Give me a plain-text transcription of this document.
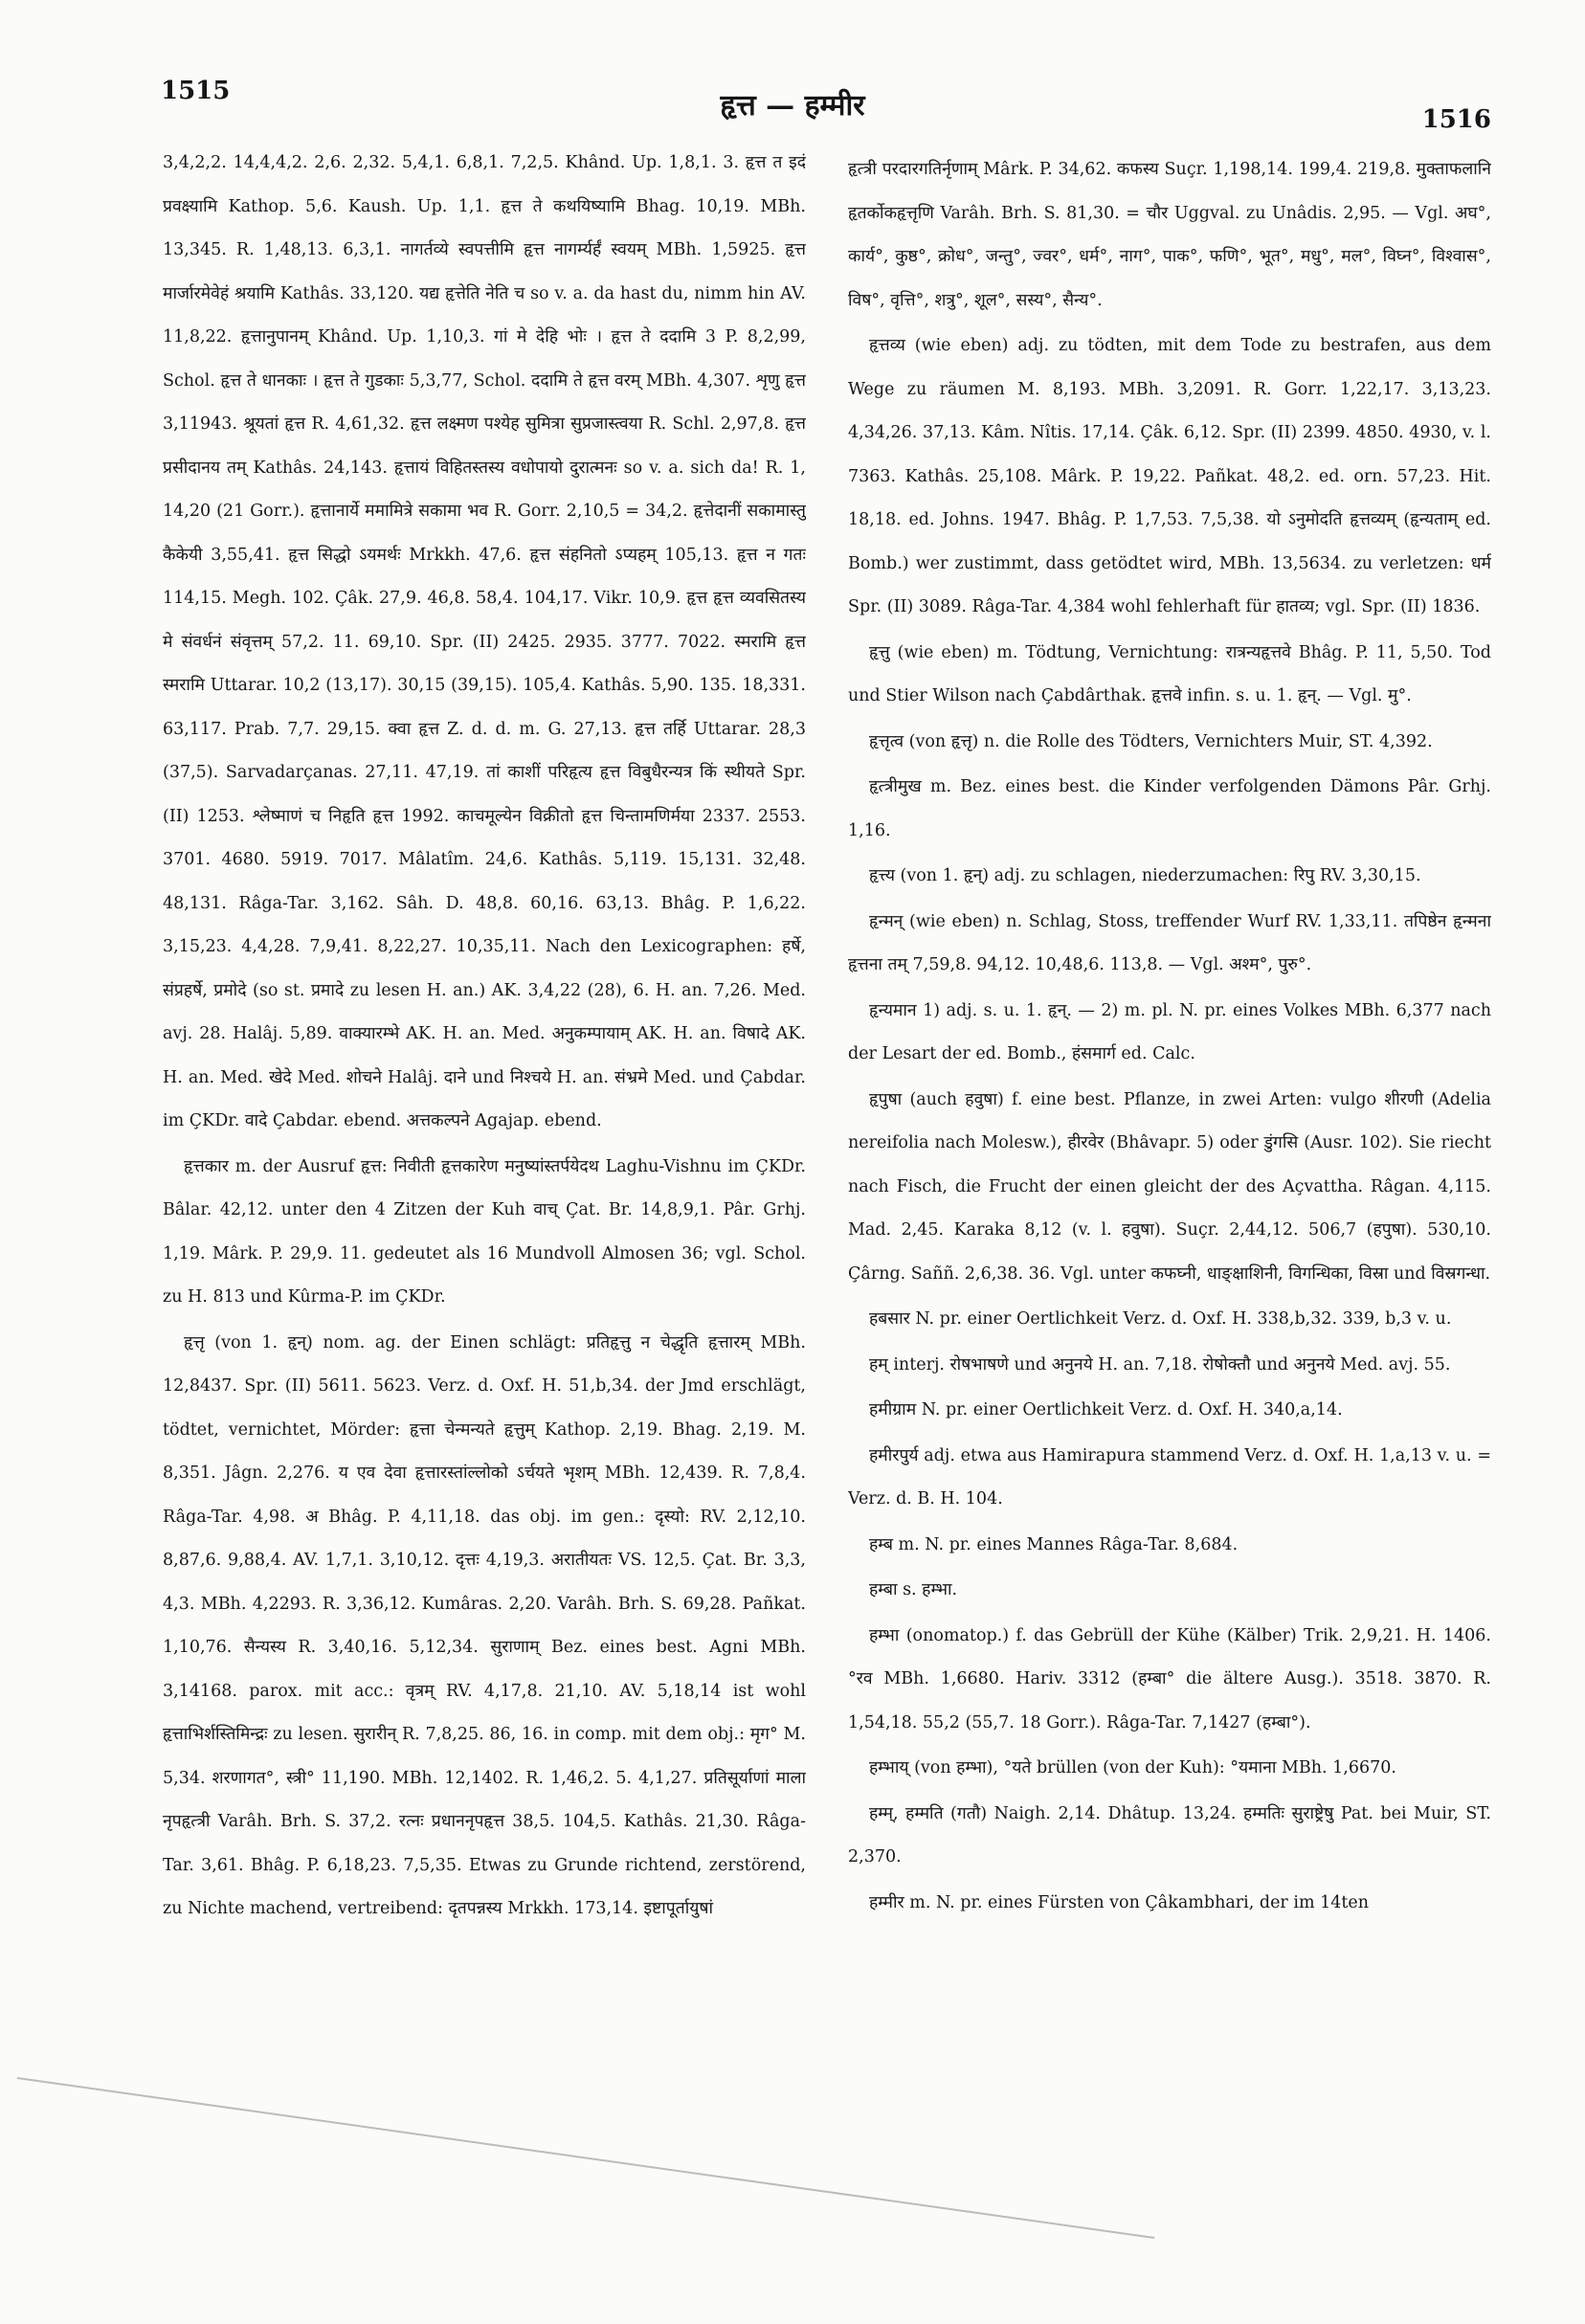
1515	हृत्त — हम्मीर	1516

3,4,2,2. 14,4,4,2. 2,6. 2,32. 5,4,1. 6,8,1. 7,2,5. Khând. Up. 1,8,1. 3. हृत्त त इदं प्रवक्ष्यामि Kathop. 5,6. Kaush. Up. 1,1. हृत्त ते कथयिष्यामि Bhag. 10,19. MBh. 13,345. R. 1,48,13. 6,3,1. नागर्तव्ये स्वपत्तीमि हृत्त नागर्म्यर्हं स्वयम् MBh. 1,5925. हृत्त मार्जारमेवेहं श्रयामि Kathâs. 33,120. यद्य हृत्तेति नेति च so v. a. da hast du, nimm hin AV. 11,8,22. हृत्तानुपानम् Khând. Up. 1,10,3. गां मे देहि भोः । हृत्त ते ददामि 3 P. 8,2,99, Schol. हृत्त ते धानकाः । हृत्त ते गुडकाः 5,3,77, Schol. ददामि ते हृत्त वरम् MBh. 4,307. शृणु हृत्त 3,11943. श्रूयतां हृत्त R. 4,61,32. हृत्त लक्ष्मण पश्येह सुमित्रा सुप्रजास्त्वया R. Schl. 2,97,8. हृत्त प्रसीदानय तम् Kathâs. 24,143. हृत्तायं विहितस्तस्य वधोपायो दुरात्मनः so v. a. sich da! R. 1, 14,20 (21 Gorr.). हृत्तानार्ये ममामित्रे सकामा भव R. Gorr. 2,10,5 = 34,2. हृत्तेदानीं सकामास्तु कैकेयी 3,55,41. हृत्त सिद्धो ऽयमर्थः Mrkkh. 47,6. हृत्त संहनितो ऽप्यहम् 105,13. हृत्त न गतः 114,15. Megh. 102. Çâk. 27,9. 46,8. 58,4. 104,17. Vikr. 10,9. हृत्त हृत्त व्यवसितस्य मे संवर्धनं संवृत्तम् 57,2. 11. 69,10. Spr. (II) 2425. 2935. 3777. 7022. स्मरामि हृत्त स्मरामि Uttarar. 10,2 (13,17). 30,15 (39,15). 105,4. Kathâs. 5,90. 135. 18,331. 63,117. Prab. 7,7. 29,15. क्वा हृत्त Z. d. d. m. G. 27,13. हृत्त तर्हि Uttarar. 28,3 (37,5). Sarvadarçanas. 27,11. 47,19. तां काशीं परिहृत्य हृत्त विबुधैरन्यत्र किं स्थीयते Spr. (II) 1253. श्लेष्माणं च निहृति हृत्त 1992. काचमूल्येन विक्रीतो हृत्त चिन्तामणिर्मया 2337. 2553. 3701. 4680. 5919. 7017. Mâlatîm. 24,6. Kathâs. 5,119. 15,131. 32,48. 48,131. Râga-Tar. 3,162. Sâh. D. 48,8. 60,16. 63,13. Bhâg. P. 1,6,22. 3,15,23. 4,4,28. 7,9,41. 8,22,27. 10,35,11. Nach den Lexicographen: हर्षे, संप्रहर्षे, प्रमोदे (so st. प्रमादे zu lesen H. an.) AK. 3,4,22 (28), 6. H. an. 7,26. Med. avj. 28. Halâj. 5,89. वाक्यारम्भे AK. H. an. Med. अनुकम्पायाम् AK. H. an. विषादे AK. H. an. Med. खेदे Med. शोचने Halâj. दाने und निश्चये H. an. संभ्रमे Med. und Çabdar. im ÇKDr. वादे Çabdar. ebend. अत्तकल्पने Agajap. ebend.

हृत्तकार m. der Ausruf हृत्त: निवीती हृत्तकारेण मनुष्यांस्तर्पयेदथ Laghu-Vishnu im ÇKDr. Bâlar. 42,12. unter den 4 Zitzen der Kuh वाच् Çat. Br. 14,8,9,1. Pâr. Grhj. 1,19. Mârk. P. 29,9. 11. gedeutet als 16 Mundvoll Almosen 36; vgl. Schol. zu H. 813 und Kûrma-P. im ÇKDr.

हृत्तृ (von 1. हृन्) nom. ag. der Einen schlägt: प्रतिहृत्तु न चेद्धृति हृत्तारम् MBh. 12,8437. Spr. (II) 5611. 5623. Verz. d. Oxf. H. 51,b,34. der Jmd erschlägt, tödtet, vernichtet, Mörder: हृत्ता चेन्मन्यते हृत्तुम् Kathop. 2,19. Bhag. 2,19. M. 8,351. Jâgn. 2,276. य एव देवा हृत्तारस्तांल्लोको ऽर्चयते भृशम् MBh. 12,439. R. 7,8,4. Râga-Tar. 4,98. अ Bhâg. P. 4,11,18. das obj. im gen.: दृस्यो: RV. 2,12,10. 8,87,6. 9,88,4. AV. 1,7,1. 3,10,12. दृत्तः 4,19,3. अरातीयतः VS. 12,5. Çat. Br. 3,3, 4,3. MBh. 4,2293. R. 3,36,12. Kumâras. 2,20. Varâh. Brh. S. 69,28. Pañkat. 1,10,76. सैन्यस्य R. 3,40,16. 5,12,34. सुराणाम् Bez. eines best. Agni MBh. 3,14168. parox. mit acc.: वृत्रम् RV. 4,17,8. 21,10. AV. 5,18,14 ist wohl हृत्ताभिर्शस्तिमिन्द्रः zu lesen. सुरारीन् R. 7,8,25. 86, 16. in comp. mit dem obj.: मृग° M. 5,34. शरणागत°, स्त्री° 11,190. MBh. 12,1402. R. 1,46,2. 5. 4,1,27. प्रतिसूर्याणां माला नृपहृत्त्री Varâh. Brh. S. 37,2. रत्नः प्रधाननृपहृत्त 38,5. 104,5. Kathâs. 21,30. Râga-Tar. 3,61. Bhâg. P. 6,18,23. 7,5,35. Etwas zu Grunde richtend, zerstörend, zu Nichte machend, vertreibend: दृतपन्नस्य Mrkkh. 173,14. इष्टापूर्तायुषां

हृत्त्री परदारगतिर्नृणाम् Mârk. P. 34,62. कफस्य Suçr. 1,198,14. 199,4. 219,8. मुक्ताफलानि हृतर्कोकहृत्तृणि Varâh. Brh. S. 81,30. = चौर Uggval. zu Unâdis. 2,95. — Vgl. अघ°, कार्य°, कुष्ठ°, क्रोध°, जन्तु°, ज्वर°, धर्म°, नाग°, पाक°, फणि°, भूत°, मधु°, मल°, विघ्न°, विश्वास°, विष°, वृत्ति°, शत्रु°, शूल°, सस्य°, सैन्य°.

हृत्तव्य (wie eben) adj. zu tödten, mit dem Tode zu bestrafen, aus dem Wege zu räumen M. 8,193. MBh. 3,2091. R. Gorr. 1,22,17. 3,13,23. 4,34,26. 37,13. Kâm. Nîtis. 17,14. Çâk. 6,12. Spr. (II) 2399. 4850. 4930, v. l. 7363. Kathâs. 25,108. Mârk. P. 19,22. Pañkat. 48,2. ed. orn. 57,23. Hit. 18,18. ed. Johns. 1947. Bhâg. P. 1,7,53. 7,5,38. यो ऽनुमोदति हृत्तव्यम् (हृन्यताम् ed. Bomb.) wer zustimmt, dass getödtet wird, MBh. 13,5634. zu verletzen: धर्म Spr. (II) 3089. Râga-Tar. 4,384 wohl fehlerhaft für हातव्य; vgl. Spr. (II) 1836.

हृत्तु (wie eben) m. Tödtung, Vernichtung: रात्रन्यहृत्तवे Bhâg. P. 11, 5,50. Tod und Stier Wilson nach Çabdârthak. हृत्तवे infin. s. u. 1. हृन्. — Vgl. मु°.

हृत्तृत्व (von हृत्तृ) n. die Rolle des Tödters, Vernichters Muir, ST. 4,392.

हृत्त्रीमुख m. Bez. eines best. die Kinder verfolgenden Dämons Pâr. Grhj. 1,16.

हृत्त्य (von 1. हृन्) adj. zu schlagen, niederzumachen: रिपु RV. 3,30,15.

हृन्मन् (wie eben) n. Schlag, Stoss, treffender Wurf RV. 1,33,11. तपिष्ठेन हृन्मना हृत्तना तम् 7,59,8. 94,12. 10,48,6. 113,8. — Vgl. अश्म°, पुरु°.

हृन्यमान 1) adj. s. u. 1. हृन्. — 2) m. pl. N. pr. eines Volkes MBh. 6,377 nach der Lesart der ed. Bomb., हंसमार्ग ed. Calc.

हृपुषा (auch हवुषा) f. eine best. Pflanze, in zwei Arten: vulgo शीरणी (Adelia nereifolia nach Molesw.), हीरवेर (Bhâvapr. 5) oder डुंगसि (Ausr. 102). Sie riecht nach Fisch, die Frucht der einen gleicht der des Açvattha. Râgan. 4,115. Mad. 2,45. Karaka 8,12 (v. l. हवुषा). Suçr. 2,44,12. 506,7 (हपुषा). 530,10. Çârng. Saññ. 2,6,38. 36. Vgl. unter कफघ्नी, धाङ्क्षाशिनी, विगन्धिका, विस्रा und विस्रगन्धा.

हबसार N. pr. einer Oertlichkeit Verz. d. Oxf. H. 338,b,32. 339, b,3 v. u.

हम् interj. रोषभाषणे und अनुनये H. an. 7,18. रोषोक्तौ und अनुनये Med. avj. 55.

हमीग्राम N. pr. einer Oertlichkeit Verz. d. Oxf. H. 340,a,14.

हमीरपुर्य adj. etwa aus Hamirapura stammend Verz. d. Oxf. H. 1,a,13 v. u. = Verz. d. B. H. 104.

हम्ब m. N. pr. eines Mannes Râga-Tar. 8,684.

हम्बा s. हम्भा.

हम्भा (onomatop.) f. das Gebrüll der Kühe (Kälber) Trik. 2,9,21. H. 1406. °रव MBh. 1,6680. Hariv. 3312 (हम्बा° die ältere Ausg.). 3518. 3870. R. 1,54,18. 55,2 (55,7. 18 Gorr.). Râga-Tar. 7,1427 (हम्बा°).

हम्भाय् (von हम्भा), °यते brüllen (von der Kuh): °यमाना MBh. 1,6670.

हम्म्, हम्मति (गतौ) Naigh. 2,14. Dhâtup. 13,24. हम्मतिः सुराष्ट्रेषु Pat. bei Muir, ST. 2,370.

हम्मीर m. N. pr. eines Fürsten von Çâkambhari, der im 14ten
